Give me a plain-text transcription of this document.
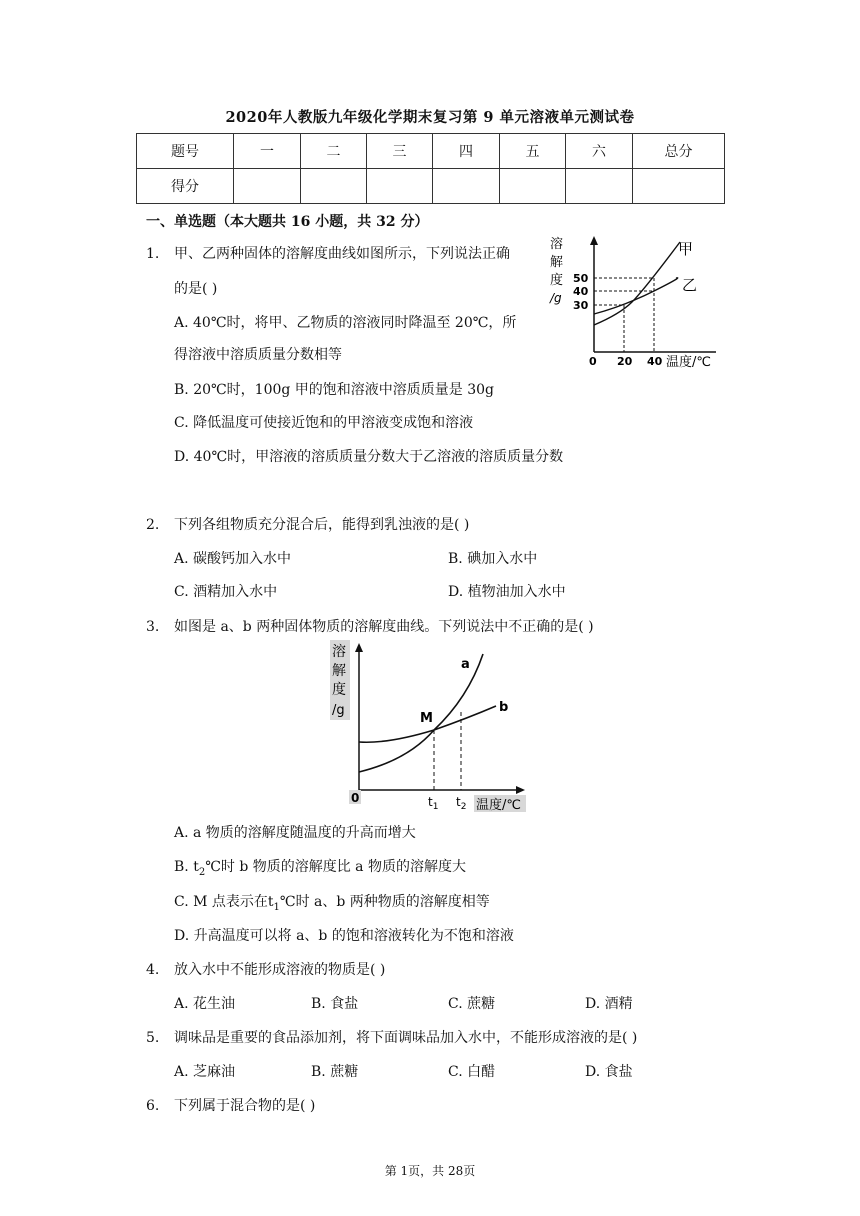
2020年人教版九年级化学期末复习第 9 单元溶液单元测试卷
题号	一	二	三	四	五	六	总分
得分							
一、单选题（本大题共 16 小题，共 32 分）
1. 甲、乙两种固体的溶解度曲线如图所示，下列说法正确
的是( )
A. 40℃时，将甲、乙物质的溶液同时降温至 20℃，所
得溶液中溶质质量分数相等
B. 20℃时，100g 甲的饱和溶液中溶质质量是 30g
C. 降低温度可使接近饱和的甲溶液变成饱和溶液
D. 40℃时，甲溶液的溶质质量分数大于乙溶液的溶质质量分数
溶
解
度
/g
50
40
30
甲
乙
0 20 40 温度/℃
2. 下列各组物质充分混合后，能得到乳浊液的是( )
A. 碳酸钙加入水中	B. 碘加入水中
C. 酒精加入水中	D. 植物油加入水中
3. 如图是 a、b 两种固体物质的溶解度曲线。下列说法中不正确的是( )
溶
解
度
/g
M
a
b
0	$t_1$ $t_2$ 温度/℃
A. a 物质的溶解度随温度的升高而增大
B. $t_2℃$时 b 物质的溶解度比 a 物质的溶解度大
C. M 点表示在$t_1℃$时 a、b 两种物质的溶解度相等
D. 升高温度可以将 a、b 的饱和溶液转化为不饱和溶液
4. 放入水中不能形成溶液的物质是( )
A. 花生油	B. 食盐	C. 蔗糖	D. 酒精
5. 调味品是重要的食品添加剂，将下面调味品加入水中，不能形成溶液的是( )
A. 芝麻油	B. 蔗糖	C. 白醋	D. 食盐
6. 下列属于混合物的是( )
第 1页，共 28页
